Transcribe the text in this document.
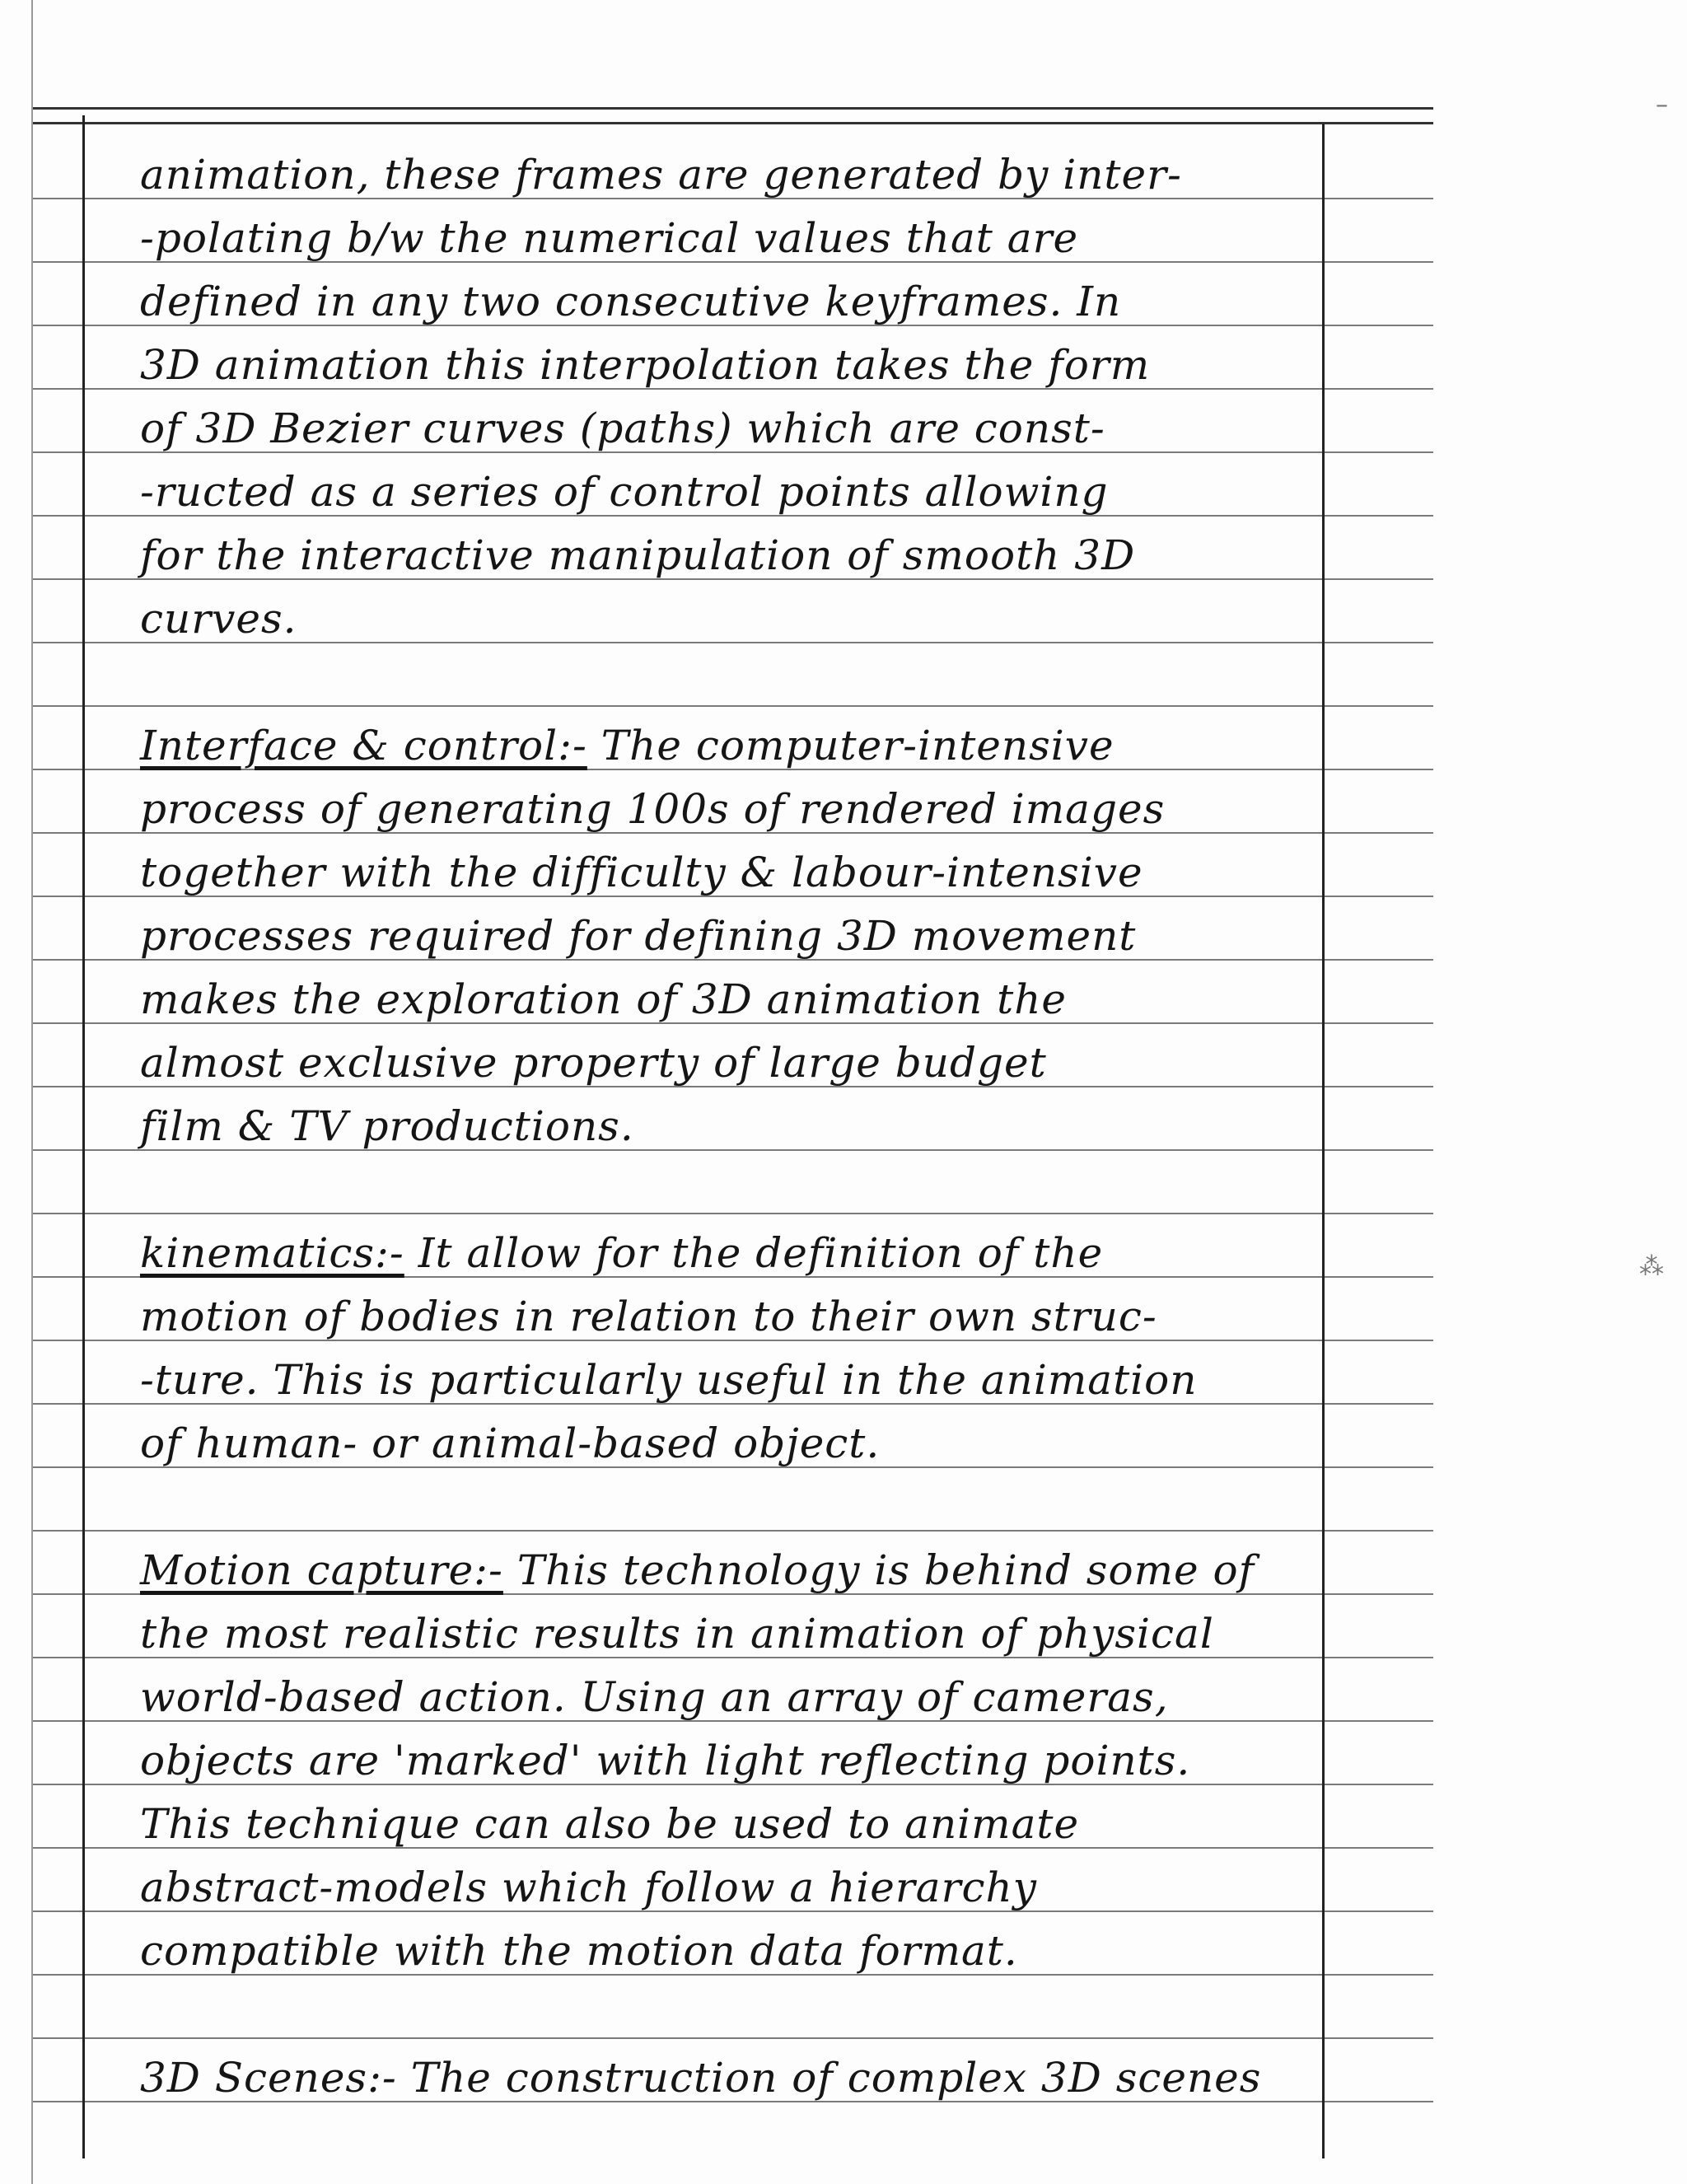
animation, these frames are generated by inter-
-polating b/w the numerical values that are
defined in any two consecutive keyframes. In
3D animation this interpolation takes the form
of 3D Bezier curves (paths) which are const-
-ructed as a series of control points allowing
for the interactive manipulation of smooth 3D
curves.
Interface & control:- The computer-intensive
process of generating 100s of rendered images
together with the difficulty & labour-intensive
processes required for defining 3D movement
makes the exploration of 3D animation the
almost exclusive property of large budget
film & TV productions.
kinematics:- It allow for the definition of the
motion of bodies in relation to their own struc-
-ture. This is particularly useful in the animation
of human- or animal-based object.
Motion capture:- This technology is behind some of
the most realistic results in animation of physical
world-based action. Using an array of cameras,
objects are 'marked' with light reflecting points.
This technique can also be used to animate
abstract-models which follow a hierarchy
compatible with the motion data format.
3D Scenes:- The construction of complex 3D scenes
–
⁂
